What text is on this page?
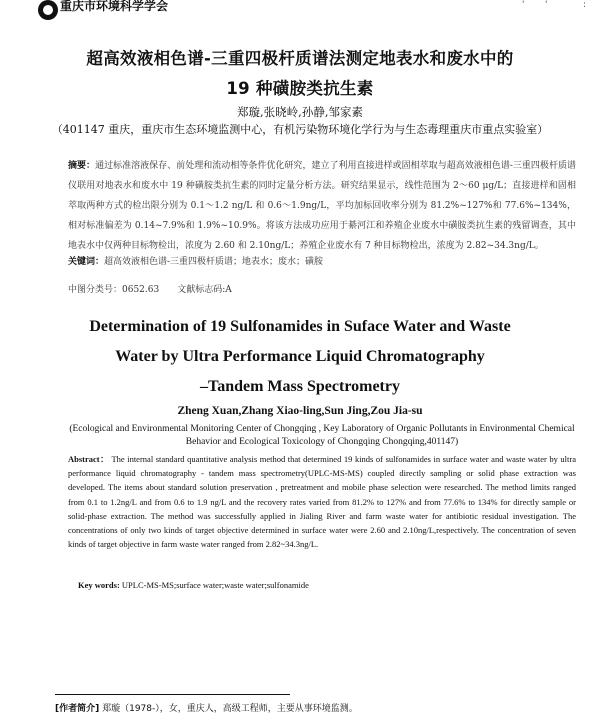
重庆市环境科学学会	' '	:
超高效液相色谱-三重四极杆质谱法测定地表水和废水中的
19 种磺胺类抗生素
郑璇,张晓岭,孙静,邹家素
（401147 重庆，重庆市生态环境监测中心，有机污染物环境化学行为与生态毒理重庆市重点实验室）
摘要：通过标准溶液保存、前处理和流动相等条件优化研究，建立了利用直接进样或固相萃取与超高效液相色谱-三重四极杆质谱仪联用对地表水和废水中 19 种磺胺类抗生素的同时定量分析方法。研究结果显示，线性范围为 2～60 μg/L；直接进样和固相萃取两种方式的检出限分别为 0.1～1.2 ng/L 和 0.6～1.9ng/L，平均加标回收率分别为 81.2%~127%和 77.6%~134%，相对标准偏差为 0.14~7.9%和 1.9%~10.9%。将该方法成功应用于綦河江和养殖企业废水中磺胺类抗生素的残留调查，其中地表水中仅两种目标物检出，浓度为 2.60 和 2.10ng/L；养殖企业废水有 7 种目标物检出，浓度为 2.82~34.3ng/L。
关键词：超高效液相色谱-三重四极杆质谱；地表水；废水；磺胺
中图分类号：0652.63　　文献标志码:A
Determination of 19 Sulfonamides in Suface Water and Waste
Water by Ultra Performance Liquid Chromatography
–Tandem Mass Spectrometry
Zheng Xuan,Zhang Xiao-ling,Sun Jing,Zou Jia-su
(Ecological and Environmental Monitoring Center of Chongqing , Key Laboratory of Organic Pollutants in Environmental Chemical Behavior and Ecological Toxicology of Chongqing Chongqing,401147)
Abstract： The internal standard quantitative analysis method that determined 19 kinds of sulfonamides in surface water and waste water by ultra performance liquid chromatography - tandem mass spectrometry(UPLC-MS-MS) coupled directly sampling or solid phase extraction was developed. The items about standard solution preservation , pretreatment and mobile phase selection were researched. The method limits ranged from 0.1 to 1.2ng/L and from 0.6 to 1.9 ng/L and the recovery rates varied from 81.2% to 127% and from 77.6% to 134% for directly sample or solid-phase extraction. The method was successfully applied in Jialing River and farm waste water for antibiotic residual investigation. The concentrations of only two kinds of target objective determined in surface water were 2.60 and 2.10ng/L,respectively. The concentration of seven kinds of target objective in farm waste water ranged from 2.82~34.3ng/L.
Key words: UPLC-MS-MS;surface water;waste water;sulfonamide
[作者简介] 郑璇（1978-），女，重庆人，高级工程师，主要从事环境监测。
